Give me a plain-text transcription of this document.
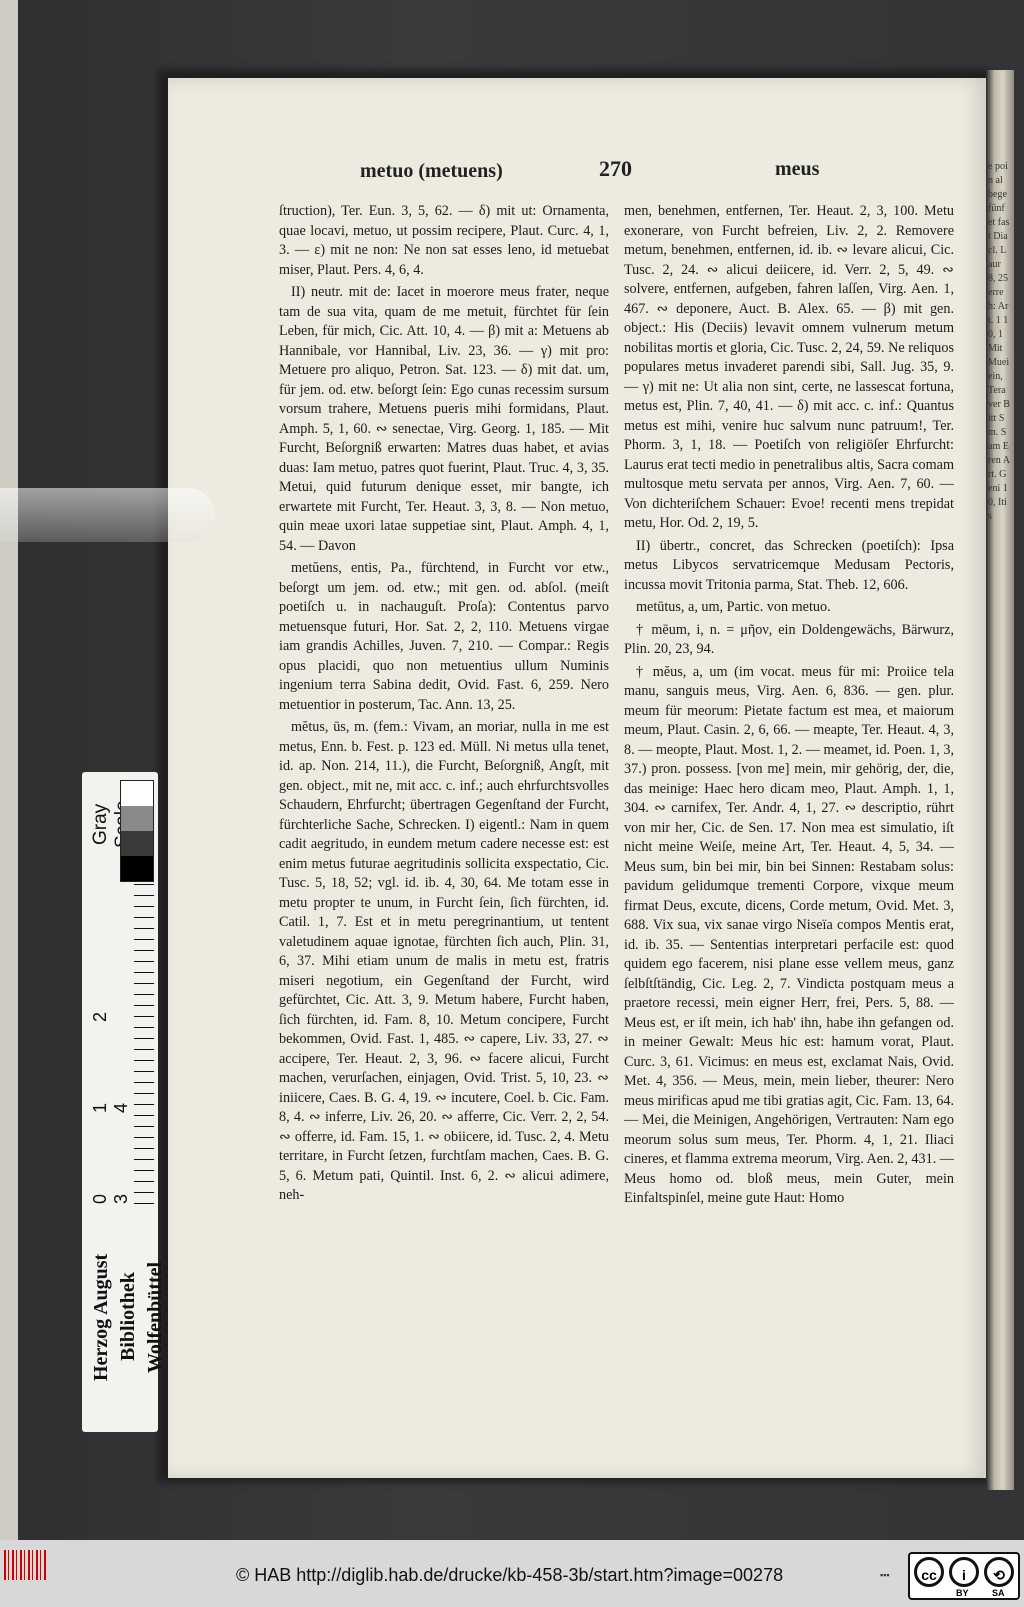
e poin al bege fünf et fast Diacl. Laur 8, 25 erreh: Art. 1 10, 1 Mit Muei ein, Tera ver Bitt Sm. Sam Eren Art. Geni 10, Itis
metuo (metuens)	270	meus

ſtruction), Ter. Eun. 3, 5, 62. — δ) mit ut: Ornamenta, quae locavi, metuo, ut possim recipere, Plaut. Curc. 4, 1, 3. — ε) mit ne non: Ne non sat esses leno, id metuebat miser, Plaut. Pers. 4, 6, 4.

II) neutr. mit de: Iacet in moerore meus frater, neque tam de sua vita, quam de me metuit, fürchtet für ſein Leben, für mich, Cic. Att. 10, 4. — β) mit a: Metuens ab Hannibale, vor Hannibal, Liv. 23, 36. — γ) mit pro: Metuere pro aliquo, Petron. Sat. 123. — δ) mit dat. um, für jem. od. etw. beſorgt ſein: Ego cunas recessim sursum vorsum trahere, Metuens pueris mihi formidans, Plaut. Amph. 5, 1, 60. ∾ senectae, Virg. Georg. 1, 185. — Mit Furcht, Beſorgniß erwarten: Matres duas habet, et avias duas: Iam metuo, patres quot fuerint, Plaut. Truc. 4, 3, 35. Metui, quid futurum denique esset, mir bangte, ich erwartete mit Furcht, Ter. Heaut. 3, 3, 8. — Non metuo, quin meae uxori latae suppetiae sint, Plaut. Amph. 4, 1, 54. — Davon

metŭens, entis, Pa., fürchtend, in Furcht vor etw., beſorgt um jem. od. etw.; mit gen. od. abſol. (meiſt poetiſch u. in nachauguſt. Proſa): Contentus parvo metuensque futuri, Hor. Sat. 2, 2, 110. Metuens virgae iam grandis Achilles, Juven. 7, 210. — Compar.: Regis opus placidi, quo non metuentius ullum Numinis ingenium terra Sabina dedit, Ovid. Fast. 6, 259. Nero metuentior in posterum, Tac. Ann. 13, 25.

mĕtus, ūs, m. (fem.: Vivam, an moriar, nulla in me est metus, Enn. b. Fest. p. 123 ed. Müll. Ni metus ulla tenet, id. ap. Non. 214, 11.), die Furcht, Beſorgniß, Angſt, mit gen. object., mit ne, mit acc. c. inf.; auch ehrfurchtsvolles Schaudern, Ehrfurcht; übertragen Gegenſtand der Furcht, fürchterliche Sache, Schrecken. I) eigentl.: Nam in quem cadit aegritudo, in eundem metum cadere necesse est: est enim metus futurae aegritudinis sollicita exspectatio, Cic. Tusc. 5, 18, 52; vgl. id. ib. 4, 30, 64. Me totam esse in metu propter te unum, in Furcht ſein, ſich fürchten, id. Catil. 1, 7. Est et in metu peregrinantium, ut tentent valetudinem aquae ignotae, fürchten ſich auch, Plin. 31, 6, 37. Mihi etiam unum de malis in metu est, fratris miseri negotium, ein Gegenſtand der Furcht, wird gefürchtet, Cic. Att. 3, 9. Metum habere, Furcht haben, ſich fürchten, id. Fam. 8, 10. Metum concipere, Furcht bekommen, Ovid. Fast. 1, 485. ∾ capere, Liv. 33, 27. ∾ accipere, Ter. Heaut. 2, 3, 96. ∾ facere alicui, Furcht machen, verurſachen, einjagen, Ovid. Trist. 5, 10, 23. ∾ iniicere, Caes. B. G. 4, 19. ∾ incutere, Coel. b. Cic. Fam. 8, 4. ∾ inferre, Liv. 26, 20. ∾ afferre, Cic. Verr. 2, 2, 54. ∾ offerre, id. Fam. 15, 1. ∾ obiicere, id. Tusc. 2, 4. Metu territare, in Furcht ſetzen, furchtſam machen, Caes. B. G. 5, 6. Metum pati, Quintil. Inst. 6, 2. ∾ alicui adimere, neh-

men, benehmen, entfernen, Ter. Heaut. 2, 3, 100. Metu exonerare, von Furcht befreien, Liv. 2, 2. Removere metum, benehmen, entfernen, id. ib. ∾ levare alicui, Cic. Tusc. 2, 24. ∾ alicui deiicere, id. Verr. 2, 5, 49. ∾ solvere, entfernen, aufgeben, fahren laſſen, Virg. Aen. 1, 467. ∾ deponere, Auct. B. Alex. 65. — β) mit gen. object.: His (Deciis) levavit omnem vulnerum metum nobilitas mortis et gloria, Cic. Tusc. 2, 24, 59. Ne reliquos populares metus invaderet parendi sibi, Sall. Jug. 35, 9. — γ) mit ne: Ut alia non sint, certe, ne lassescat fortuna, metus est, Plin. 7, 40, 41. — δ) mit acc. c. inf.: Quantus metus est mihi, venire huc salvum nunc patruum!, Ter. Phorm. 3, 1, 18. — Poetiſch von religiöſer Ehrfurcht: Laurus erat tecti medio in penetralibus altis, Sacra comam multosque metu servata per annos, Virg. Aen. 7, 60. — Von dichteriſchem Schauer: Evoe! recenti mens trepidat metu, Hor. Od. 2, 19, 5.

II) übertr., concret, das Schrecken (poetiſch): Ipsa metus Libycos servatricemque Medusam Pectoris, incussa movit Tritonia parma, Stat. Theb. 12, 606.

metūtus, a, um, Partic. von metuo.

† mēum, i, n. = μῆον, ein Doldengewächs, Bärwurz, Plin. 20, 23, 94.

† mĕus, a, um (im vocat. meus für mi: Proiice tela manu, sanguis meus, Virg. Aen. 6, 836. — gen. plur. meum für meorum: Pietate factum est mea, et maiorum meum, Plaut. Casin. 2, 6, 66. — meapte, Ter. Heaut. 4, 3, 8. — meopte, Plaut. Most. 1, 2. — meamet, id. Poen. 1, 3, 37.) pron. possess. [von me] mein, mir gehörig, der, die, das meinige: Haec hero dicam meo, Plaut. Amph. 1, 1, 304. ∾ carnifex, Ter. Andr. 4, 1, 27. ∾ descriptio, rührt von mir her, Cic. de Sen. 17. Non mea est simulatio, iſt nicht meine Weiſe, meine Art, Ter. Heaut. 4, 5, 34. — Meus sum, bin bei mir, bin bei Sinnen: Restabam solus: pavidum gelidumque trementi Corpore, vixque meum firmat Deus, excute, dicens, Corde metum, Ovid. Met. 3, 688. Vix sua, vix sanae virgo Niseïa compos Mentis erat, id. ib. 35. — Sententias interpretari perfacile est: quod quidem ego facerem, nisi plane esse vellem meus, ganz ſelbſtſtändig, Cic. Leg. 2, 7. Vindicta postquam meus a praetore recessi, mein eigner Herr, frei, Pers. 5, 88. — Meus est, er iſt mein, ich hab' ihn, habe ihn gefangen od. in meiner Gewalt: Meus hic est: hamum vorat, Plaut. Curc. 3, 61. Vicimus: en meus est, exclamat Nais, Ovid. Met. 4, 356. — Meus, mein, mein lieber, theurer: Nero meus mirificas apud me tibi gratias agit, Cic. Fam. 13, 64. — Mei, die Meinigen, Angehörigen, Vertrauten: Nam ego meorum solus sum meus, Ter. Phorm. 4, 1, 21. Iliaci cineres, et flamma extrema meorum, Virg. Aen. 2, 431. — Meus homo od. bloß meus, mein Guter, mein Einfaltspinſel, meine gute Haut: Homo

Gray
0 1 2 3 4
Herzog August Bibliothek Wolfenbüttel
© HAB http://diglib.hab.de/drucke/kb-458-3b/start.htm?image=00278	▪▪▪	cc	i	⟲
BY	SA
